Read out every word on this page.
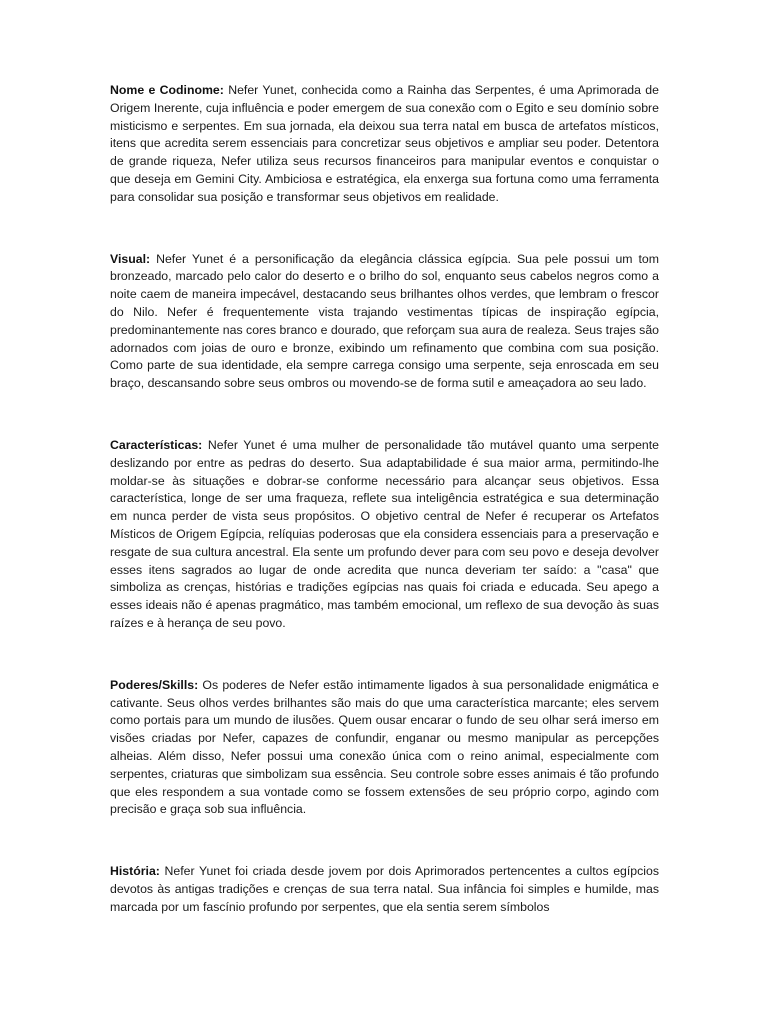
Nome e Codinome: Nefer Yunet, conhecida como a Rainha das Serpentes, é uma Aprimorada de Origem Inerente, cuja influência e poder emergem de sua conexão com o Egito e seu domínio sobre misticismo e serpentes. Em sua jornada, ela deixou sua terra natal em busca de artefatos místicos, itens que acredita serem essenciais para concretizar seus objetivos e ampliar seu poder. Detentora de grande riqueza, Nefer utiliza seus recursos financeiros para manipular eventos e conquistar o que deseja em Gemini City. Ambiciosa e estratégica, ela enxerga sua fortuna como uma ferramenta para consolidar sua posição e transformar seus objetivos em realidade.

Visual: Nefer Yunet é a personificação da elegância clássica egípcia. Sua pele possui um tom bronzeado, marcado pelo calor do deserto e o brilho do sol, enquanto seus cabelos negros como a noite caem de maneira impecável, destacando seus brilhantes olhos verdes, que lembram o frescor do Nilo. Nefer é frequentemente vista trajando vestimentas típicas de inspiração egípcia, predominantemente nas cores branco e dourado, que reforçam sua aura de realeza. Seus trajes são adornados com joias de ouro e bronze, exibindo um refinamento que combina com sua posição. Como parte de sua identidade, ela sempre carrega consigo uma serpente, seja enroscada em seu braço, descansando sobre seus ombros ou movendo-se de forma sutil e ameaçadora ao seu lado.

Características: Nefer Yunet é uma mulher de personalidade tão mutável quanto uma serpente deslizando por entre as pedras do deserto. Sua adaptabilidade é sua maior arma, permitindo-lhe moldar-se às situações e dobrar-se conforme necessário para alcançar seus objetivos. Essa característica, longe de ser uma fraqueza, reflete sua inteligência estratégica e sua determinação em nunca perder de vista seus propósitos. O objetivo central de Nefer é recuperar os Artefatos Místicos de Origem Egípcia, relíquias poderosas que ela considera essenciais para a preservação e resgate de sua cultura ancestral. Ela sente um profundo dever para com seu povo e deseja devolver esses itens sagrados ao lugar de onde acredita que nunca deveriam ter saído: a "casa" que simboliza as crenças, histórias e tradições egípcias nas quais foi criada e educada. Seu apego a esses ideais não é apenas pragmático, mas também emocional, um reflexo de sua devoção às suas raízes e à herança de seu povo.

Poderes/Skills: Os poderes de Nefer estão intimamente ligados à sua personalidade enigmática e cativante. Seus olhos verdes brilhantes são mais do que uma característica marcante; eles servem como portais para um mundo de ilusões. Quem ousar encarar o fundo de seu olhar será imerso em visões criadas por Nefer, capazes de confundir, enganar ou mesmo manipular as percepções alheias. Além disso, Nefer possui uma conexão única com o reino animal, especialmente com serpentes, criaturas que simbolizam sua essência. Seu controle sobre esses animais é tão profundo que eles respondem a sua vontade como se fossem extensões de seu próprio corpo, agindo com precisão e graça sob sua influência.

História: Nefer Yunet foi criada desde jovem por dois Aprimorados pertencentes a cultos egípcios devotos às antigas tradições e crenças de sua terra natal. Sua infância foi simples e humilde, mas marcada por um fascínio profundo por serpentes, que ela sentia serem símbolos
